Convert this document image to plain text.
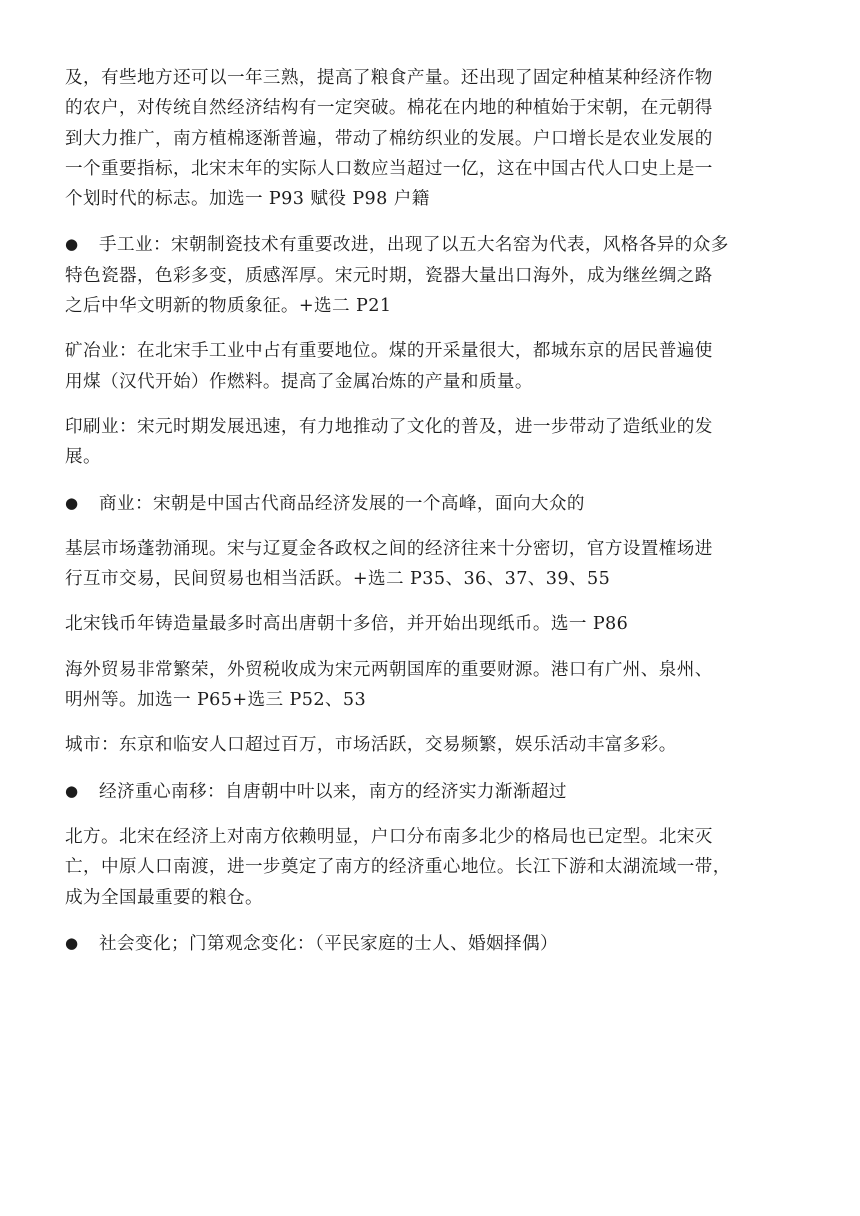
及，有些地方还可以一年三熟，提高了粮食产量。还出现了固定种植某种经济作物
的农户，对传统自然经济结构有一定突破。棉花在内地的种植始于宋朝，在元朝得
到大力推广，南方植棉逐渐普遍，带动了棉纺织业的发展。户口增长是农业发展的
一个重要指标，北宋末年的实际人口数应当超过一亿，这在中国古代人口史上是一
个划时代的标志。加选一 P93 赋役 P98 户籍
● 手工业：宋朝制瓷技术有重要改进，出现了以五大名窑为代表，风格各异的众多
特色瓷器，色彩多变，质感浑厚。宋元时期，瓷器大量出口海外，成为继丝绸之路
之后中华文明新的物质象征。+选二 P21
矿冶业：在北宋手工业中占有重要地位。煤的开采量很大，都城东京的居民普遍使
用煤（汉代开始）作燃料。提高了金属冶炼的产量和质量。
印刷业：宋元时期发展迅速，有力地推动了文化的普及，进一步带动了造纸业的发
展。
● 商业：宋朝是中国古代商品经济发展的一个高峰，面向大众的
基层市场蓬勃涌现。宋与辽夏金各政权之间的经济往来十分密切，官方设置榷场进
行互市交易，民间贸易也相当活跃。+选二 P35、36、37、39、55
北宋钱币年铸造量最多时高出唐朝十多倍，并开始出现纸币。选一 P86
海外贸易非常繁荣，外贸税收成为宋元两朝国库的重要财源。港口有广州、泉州、
明州等。加选一 P65+选三 P52、53
城市：东京和临安人口超过百万，市场活跃，交易频繁，娱乐活动丰富多彩。
● 经济重心南移：自唐朝中叶以来，南方的经济实力渐渐超过
北方。北宋在经济上对南方依赖明显，户口分布南多北少的格局也已定型。北宋灭
亡，中原人口南渡，进一步奠定了南方的经济重心地位。长江下游和太湖流域一带，
成为全国最重要的粮仓。
● 社会变化；门第观念变化：（平民家庭的士人、婚姻择偶）
